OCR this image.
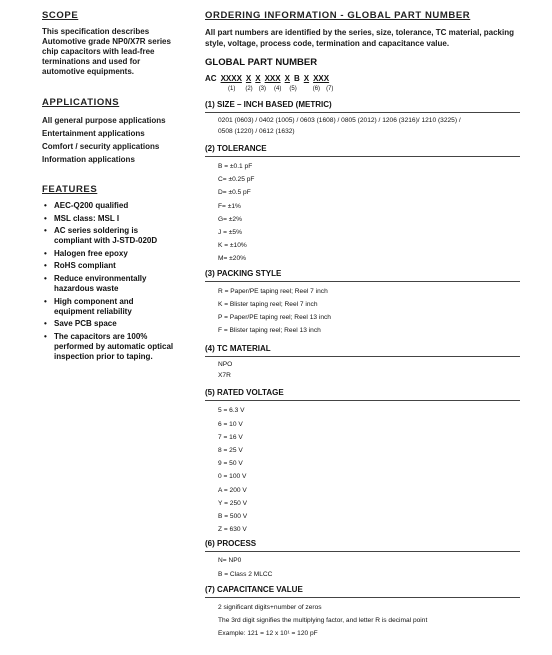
SCOPE
This specification describes
Automotive grade NP0/X7R series
chip capacitors with lead-free
terminations and used for
automotive equipments.
APPLICATIONS
All general purpose applications
Entertainment applications
Comfort / security applications
Information applications
FEATURES
• AEC-Q200 qualified
• MSL class: MSL I
• AC series soldering is compliant with J-STD-020D
• Halogen free epoxy
• RoHS compliant
• Reduce environmentally hazardous waste
• High component and equipment reliability
• Save PCB space
• The capacitors are 100% performed by automatic optical inspection prior to taping.
ORDERING INFORMATION - GLOBAL PART NUMBER
All part numbers are identified by the series, size, tolerance, TC material, packing style, voltage, process code, termination and capacitance value.
GLOBAL PART NUMBER
AC XXXX X X XXX X B X XXX
(1) (2) (3) (4) (5)	(6) (7)
(1) SIZE – INCH BASED (METRIC)
0201 (0603) / 0402 (1005) / 0603 (1608) / 0805 (2012) / 1206 (3216)/ 1210 (3225) /
0508 (1220) / 0612 (1632)
(2) TOLERANCE
B = ±0.1 pF
C= ±0.25 pF
D= ±0.5 pF
F= ±1%
G= ±2%
J = ±5%
K = ±10%
M= ±20%
(3) PACKING STYLE
R = Paper/PE taping reel; Reel 7 inch
K = Blister taping reel; Reel 7 inch
P = Paper/PE taping reel; Reel 13 inch
F = Blister taping reel; Reel 13 inch
(4) TC MATERIAL
NPO
X7R
(5) RATED VOLTAGE
5 = 6.3 V
6 = 10 V
7 = 16 V
8 = 25 V
9 = 50 V
0 = 100 V
A = 200 V
Y = 250 V
B = 500 V
Z = 630 V
(6) PROCESS
N= NP0
B = Class 2 MLCC
(7) CAPACITANCE VALUE
2 significant digits+number of zeros
The 3rd digit signifies the multiplying factor, and letter R is decimal point
Example: 121 = 12 x 10¹ = 120 pF
